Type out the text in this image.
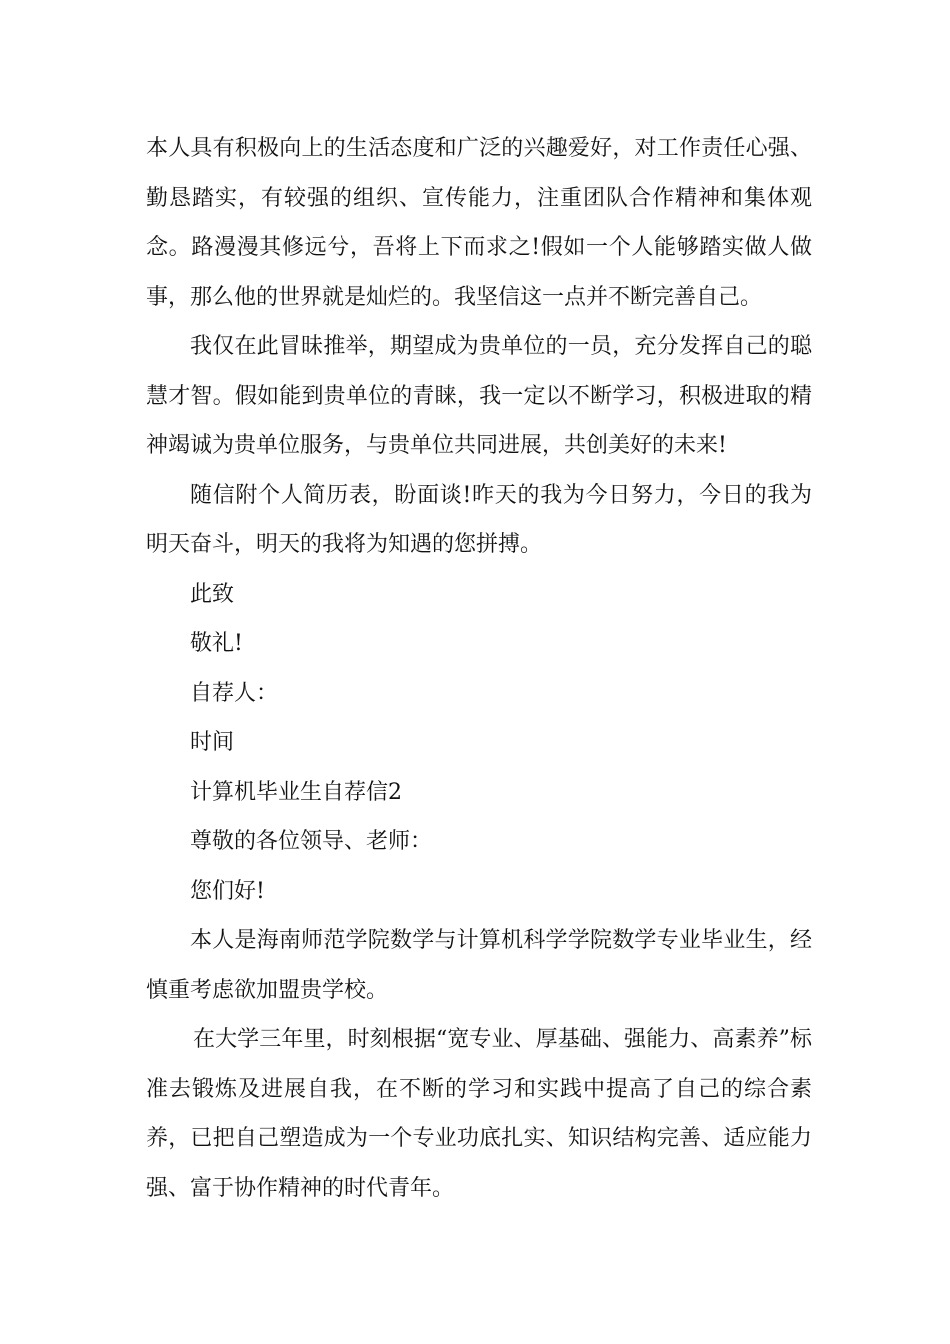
本人具有积极向上的生活态度和广泛的兴趣爱好，对工作责任心强、勤恳踏实，有较强的组织、宣传能力，注重团队合作精神和集体观念。路漫漫其修远兮，吾将上下而求之!假如一个人能够踏实做人做事，那么他的世界就是灿烂的。我坚信这一点并不断完善自己。

我仅在此冒昧推举，期望成为贵单位的一员，充分发挥自己的聪慧才智。假如能到贵单位的青睐，我一定以不断学习，积极进取的精神竭诚为贵单位服务，与贵单位共同进展，共创美好的未来!

随信附个人简历表，盼面谈!昨天的我为今日努力，今日的我为明天奋斗，明天的我将为知遇的您拼搏。

此致

敬礼!

自荐人：

时间

计算机毕业生自荐信2

尊敬的各位领导、老师：

您们好!

本人是海南师范学院数学与计算机科学学院数学专业毕业生，经慎重考虑欲加盟贵学校。

在大学三年里，时刻根据“宽专业、厚基础、强能力、高素养”标准去锻炼及进展自我，在不断的学习和实践中提高了自己的综合素养，已把自己塑造成为一个专业功底扎实、知识结构完善、适应能力强、富于协作精神的时代青年。
